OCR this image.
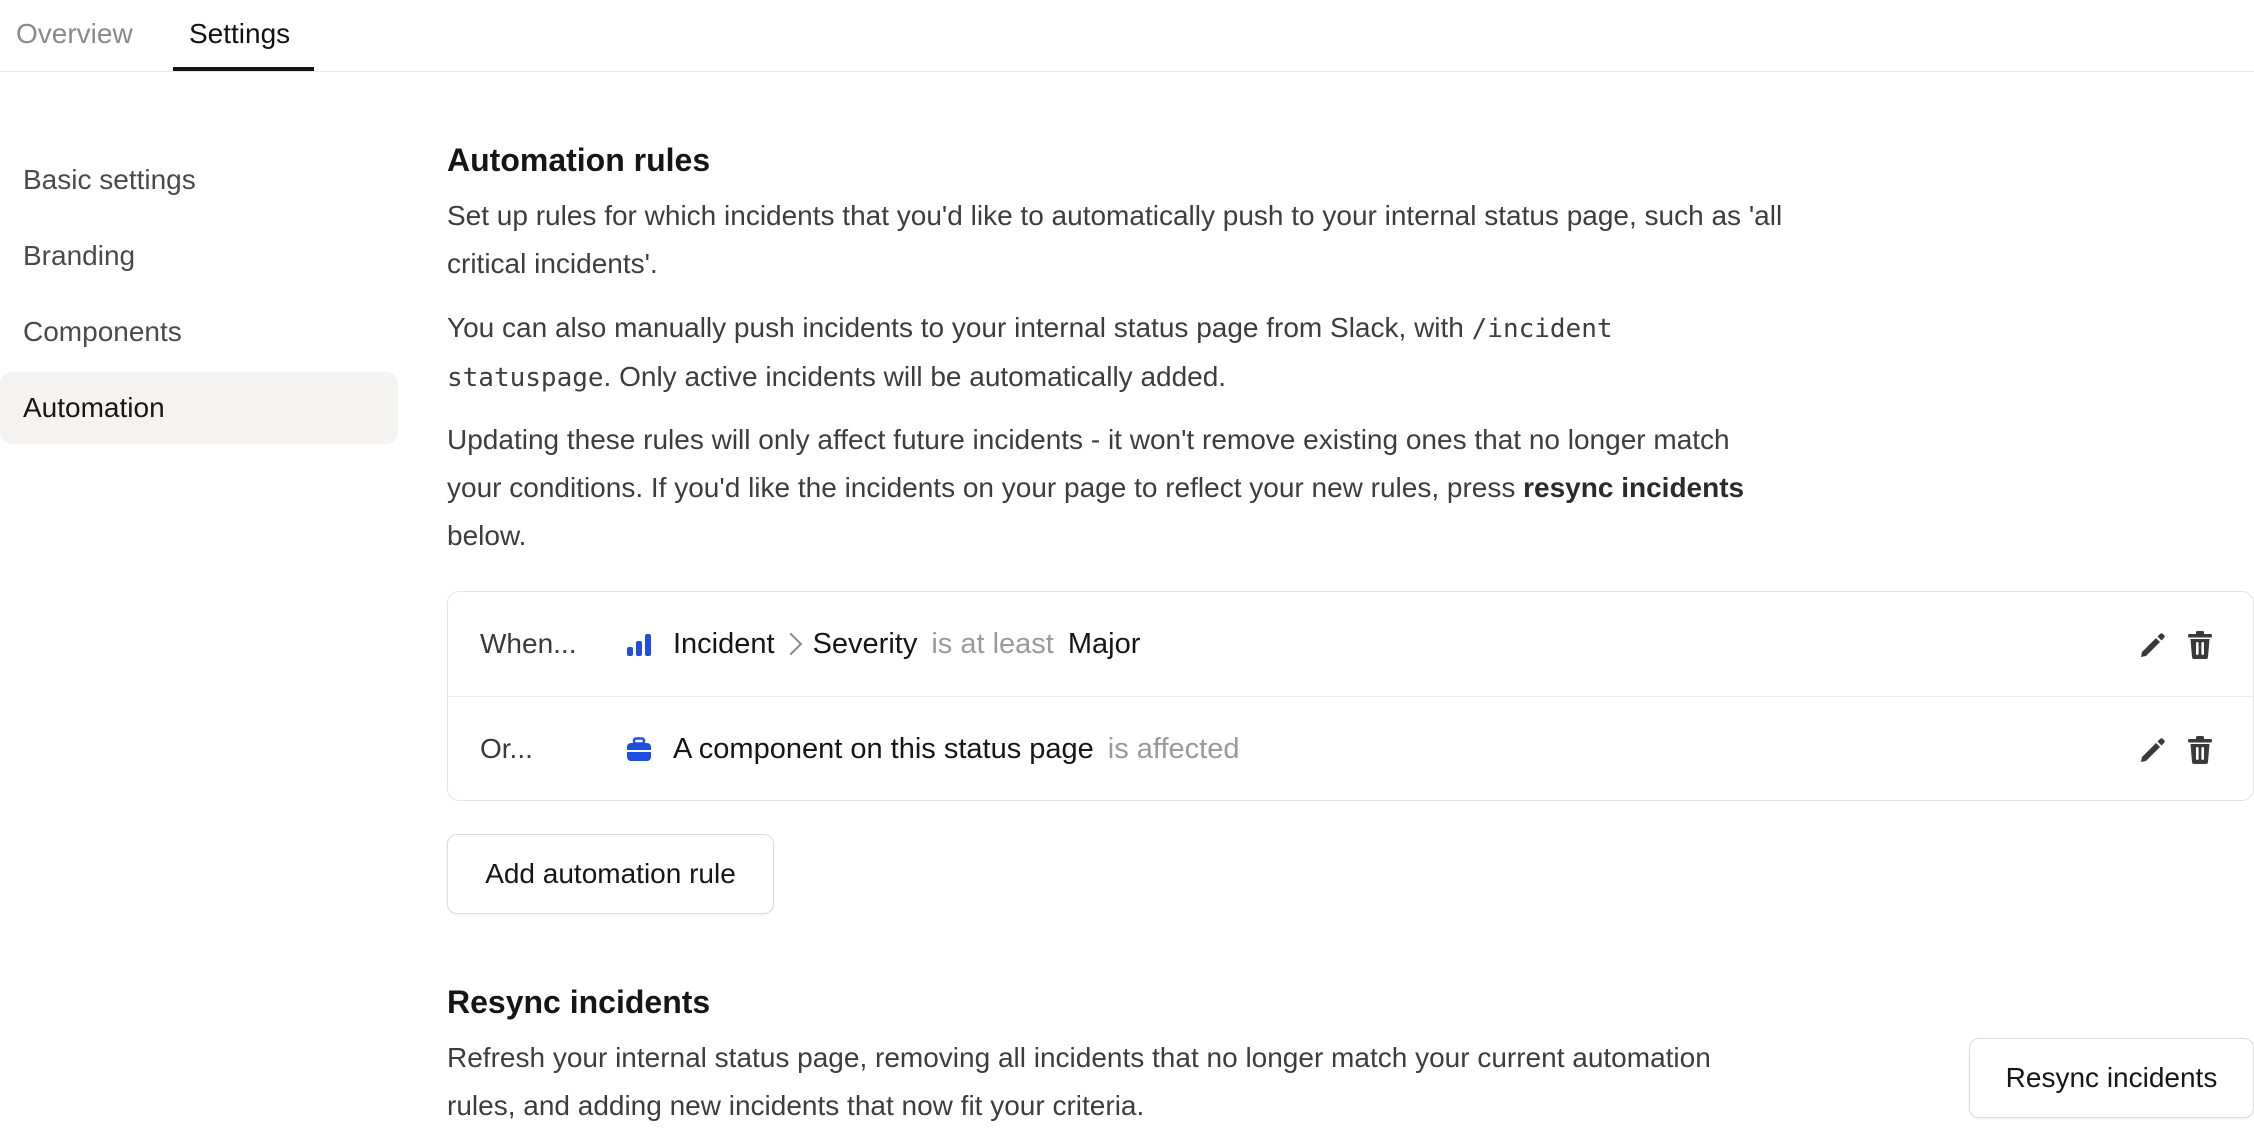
Overview Settings
Basic settings
Branding
Components
Automation
Automation rules

Set up rules for which incidents that you'd like to automatically push to your internal status page, such as 'all critical incidents'.

You can also manually push incidents to your internal status page from Slack, with /incident statuspage. Only active incidents will be automatically added.

Updating these rules will only affect future incidents - it won't remove existing ones that no longer match your conditions. If you'd like the incidents on your page to reflect your new rules, press resync incidents below.

When...	Incident Severity is at least Major
Or...	A component on this status page is affected
Add automation rule
Resync incidents

Refresh your internal status page, removing all incidents that no longer match your current automation rules, and adding new incidents that now fit your criteria.

Resync incidents
